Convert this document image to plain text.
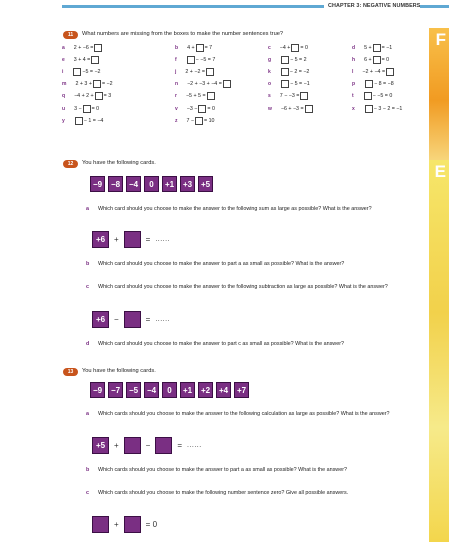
CHAPTER 3: NEGATIVE NUMBERS
F
E
11	What numbers are missing from the boxes to make the number sentences true?
a 2 + −6 =	b 4 + = 7	c −4 + = 0	d 5 + = −1
e 3 + 4 =	f	− −5 = 7	g	− 5 = 2	h 6 + = 0
i	−5 = −2	j 2 + −2 =	k	− 2 = −2	l −2 + −4 =
m 2 + 3 + = −2	n −2 + −3 + −4 =	o	− 5 = −1	p	− 8 = −8
q −4 + 2 + = 3	r −5 + 5 =	s 7 − −3 =	t	− −5 = 0
u 3 − = 0	v −3 − = 0	w −6 + −3 =	x	− 3 − 2 = −1
y	− 1 = −4	z 7 − = 10
12	You have the following cards.
−9	−8	−4	0	+1	+3	+5
a	Which card should you choose to make the answer to the following sum as large as possible? What is the answer?
+6	+	= ......
b	Which card should you choose to make the answer to part a as small as possible? What is the answer?
c	Which card should you choose to make the answer to the following subtraction as large as possible? What is the answer?
+6	−	= ......
d	Which card should you choose to make the answer to part c as small as possible? What is the answer?
13	You have the following cards.
−9	−7	−5	−4	0	+1	+2	+4	+7
a	Which cards should you choose to make the answer to the following calculation as large as possible? What is the answer?
+5	+	−	= ......
b	Which cards should you choose to make the answer to part a as small as possible? What is the answer?
c	Which cards should you choose to make the following number sentence zero? Give all possible answers.
+	= 0
